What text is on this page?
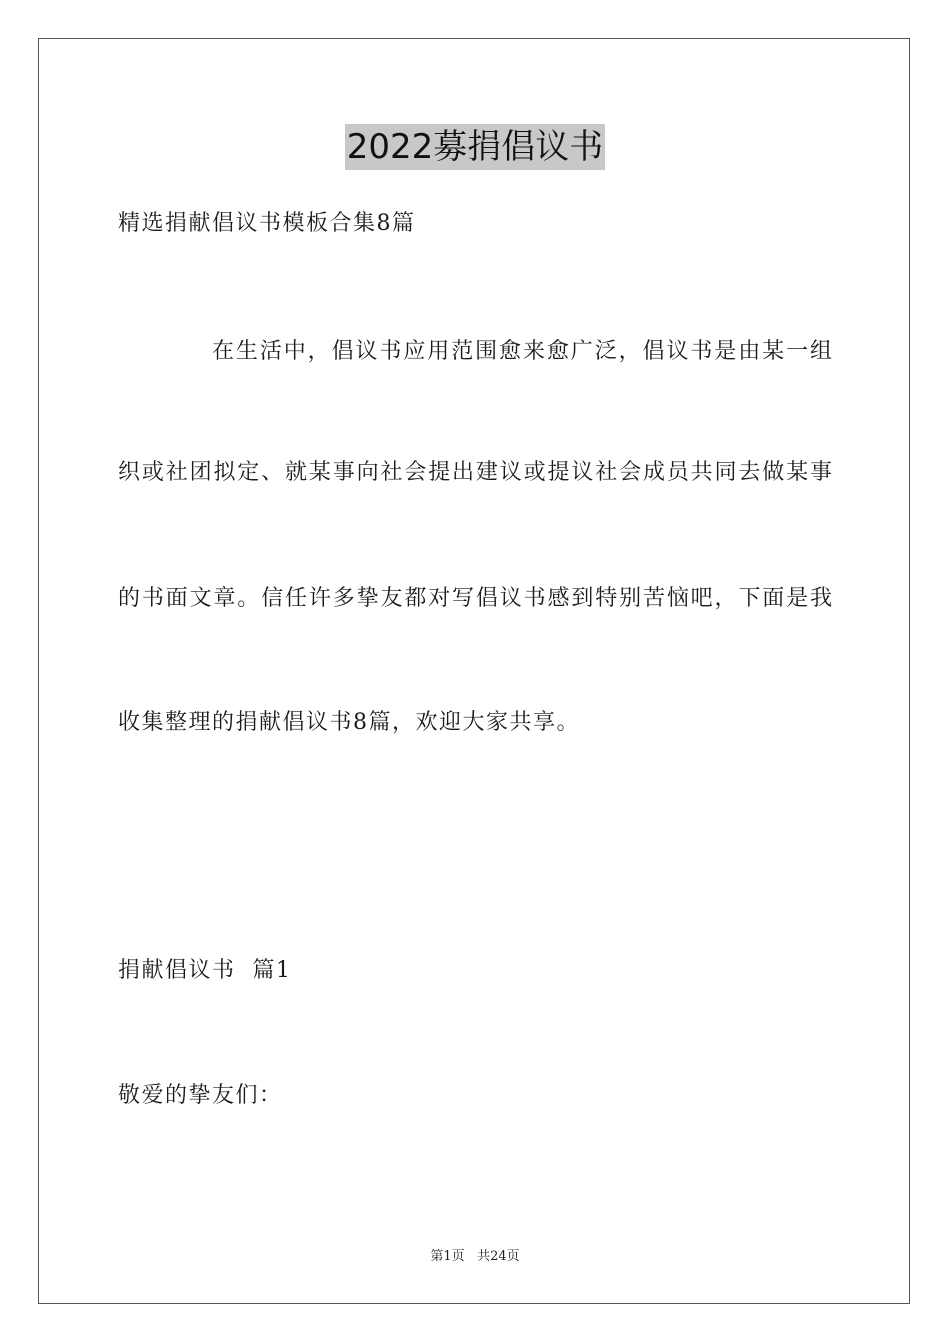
2022募捐倡议书
精选捐献倡议书模板合集8篇
在生活中，倡议书应用范围愈来愈广泛，倡议书是由某一组
织或社团拟定、就某事向社会提出建议或提议社会成员共同去做某事
的书面文章。信任许多挚友都对写倡议书感到特别苦恼吧，下面是我
收集整理的捐献倡议书8篇，欢迎大家共享。
捐献倡议书  篇1
敬爱的挚友们：
第1页 共24页
